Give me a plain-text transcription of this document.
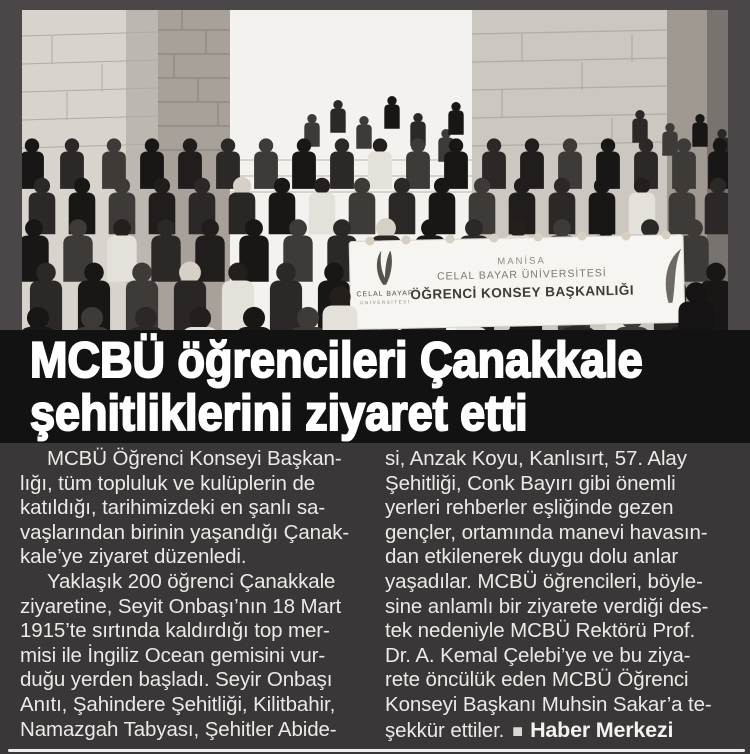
CELAL BAYAR
ÜNİVERSİTESİ
MANİSA
CELAL BAYAR ÜNİVERSİTESİ
ÖĞRENCİ KONSEY BAŞKANLIĞI
MCBÜ öğrencileri Çanakkale
şehitliklerini ziyaret etti
MCBÜ Öğrenci Konseyi Başkan-
lığı, tüm topluluk ve kulüplerin de
katıldığı, tarihimizdeki en şanlı sa-
vaşlarından birinin yaşandığı Çanak-
kale’ye ziyaret düzenledi.
Yaklaşık 200 öğrenci Çanakkale
ziyaretine, Seyit Onbaşı’nın 18 Mart
1915’te sırtında kaldırdığı top mer-
misi ile İngiliz Ocean gemisini vur-
duğu yerden başladı. Seyir Onbaşı
Anıtı, Şahindere Şehitliği, Kilitbahir,
Namazgah Tabyası, Şehitler Abide-
si, Anzak Koyu, Kanlısırt, 57. Alay
Şehitliği, Conk Bayırı gibi önemli
yerleri rehberler eşliğinde gezen
gençler, ortamında manevi havasın-
dan etkilenerek duygu dolu anlar
yaşadılar. MCBÜ öğrencileri, böyle-
sine anlamlı bir ziyarete verdiği des-
tek nedeniyle MCBÜ Rektörü Prof.
Dr. A. Kemal Çelebi’ye ve bu ziya-
rete öncülük eden MCBÜ Öğrenci
Konseyi Başkanı Muhsin Sakar’a te-
şekkür ettiler. ■ Haber Merkezi
